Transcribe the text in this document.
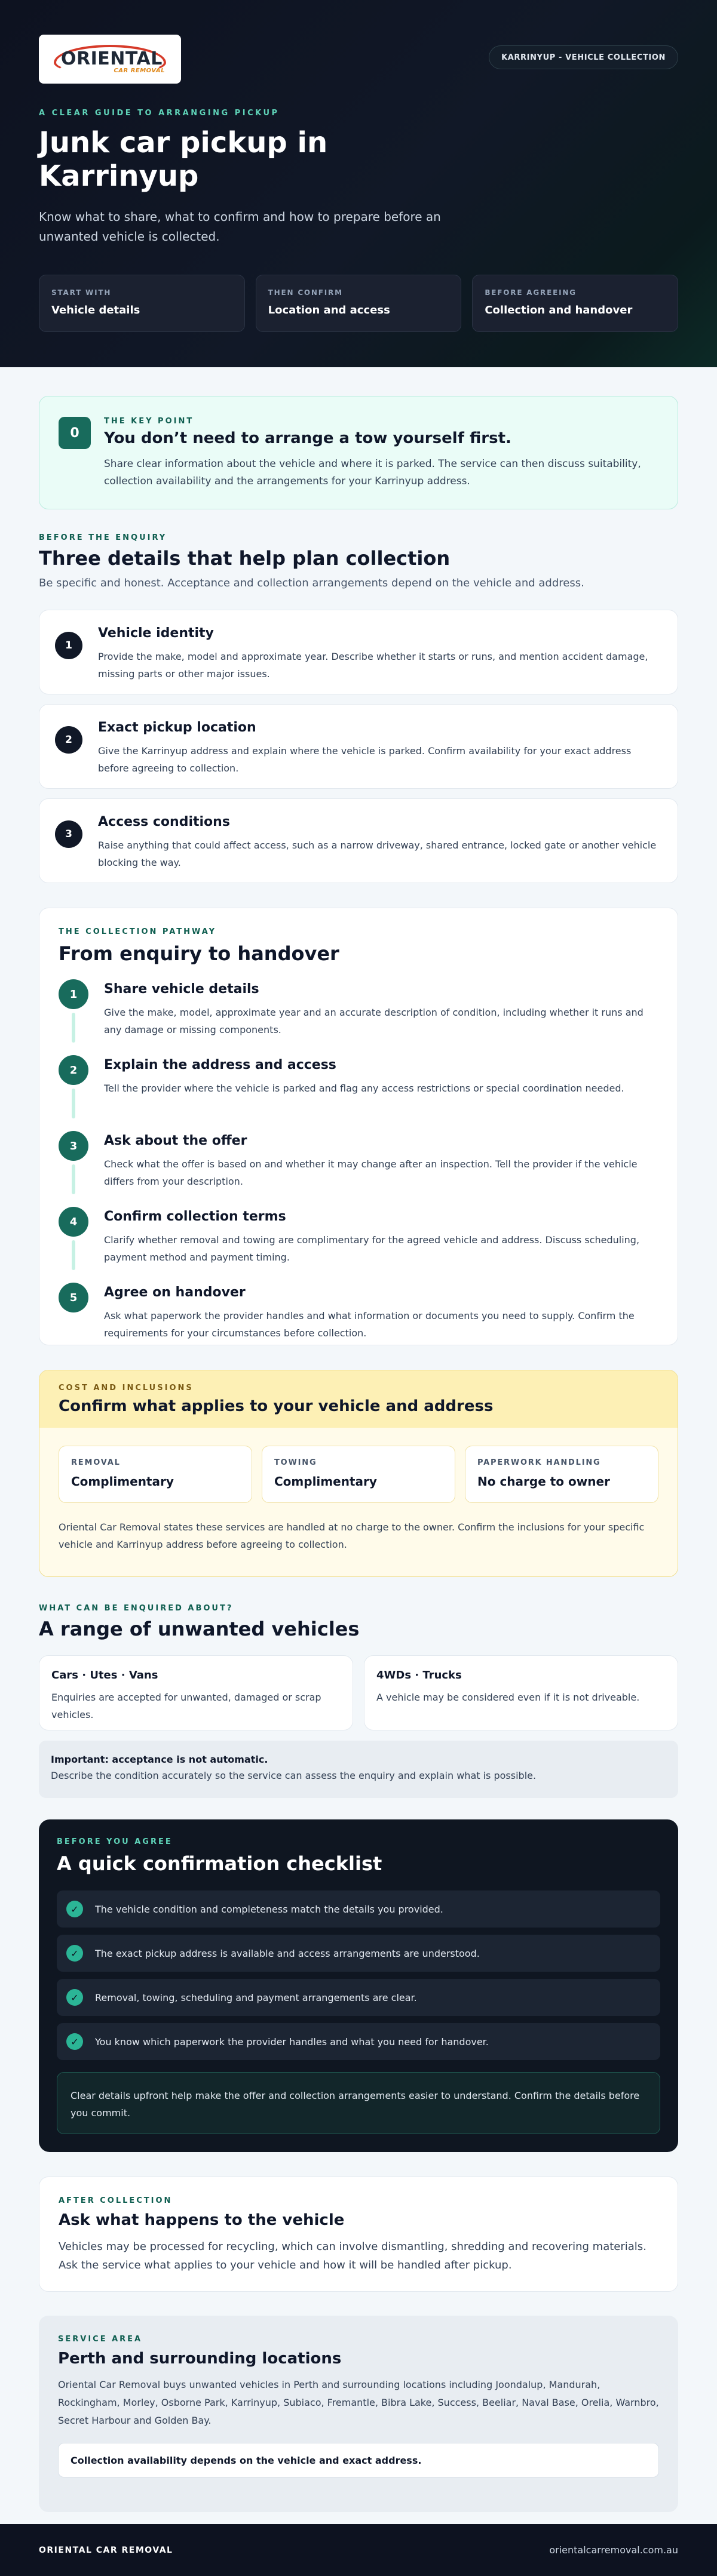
ORIENTAL
CAR REMOVAL
KARRINYUP - VEHICLE COLLECTION
A CLEAR GUIDE TO ARRANGING PICKUP
Junk car pickup in Karrinyup

Know what to share, what to confirm and how to prepare before an unwanted vehicle is collected.

START WITH
Vehicle details
THEN CONFIRM
Location and access
BEFORE AGREEING
Collection and handover
0
THE KEY POINT
You don’t need to arrange a tow yourself first.

Share clear information about the vehicle and where it is parked. The service can then discuss suitability, collection availability and the arrangements for your Karrinyup address.

BEFORE THE ENQUIRY
Three details that help plan collection

Be specific and honest. Acceptance and collection arrangements depend on the vehicle and address.

1
Vehicle identity

Provide the make, model and approximate year. Describe whether it starts or runs, and mention accident damage, missing parts or other major issues.

2
Exact pickup location

Give the Karrinyup address and explain where the vehicle is parked. Confirm availability for your exact address before agreeing to collection.

3
Access conditions

Raise anything that could affect access, such as a narrow driveway, shared entrance, locked gate or another vehicle blocking the way.

THE COLLECTION PATHWAY
From enquiry to handover
1	Share vehicle details

Give the make, model, approximate year and an accurate description of condition, including whether it runs and any damage or missing components.

2	Explain the address and access

Tell the provider where the vehicle is parked and flag any access restrictions or special coordination needed.

3	Ask about the offer

Check what the offer is based on and whether it may change after an inspection. Tell the provider if the vehicle differs from your description.

4	Confirm collection terms

Clarify whether removal and towing are complimentary for the agreed vehicle and address. Discuss scheduling, payment method and payment timing.

5	Agree on handover

Ask what paperwork the provider handles and what information or documents you need to supply. Confirm the requirements for your circumstances before collection.

COST AND INCLUSIONS
Confirm what applies to your vehicle and address
REMOVAL
Complimentary
TOWING
Complimentary
PAPERWORK HANDLING
No charge to owner

Oriental Car Removal states these services are handled at no charge to the owner. Confirm the inclusions for your specific vehicle and Karrinyup address before agreeing to collection.

WHAT CAN BE ENQUIRED ABOUT?
A range of unwanted vehicles
Cars · Utes · Vans

Enquiries are accepted for unwanted, damaged or scrap vehicles.

4WDs · Trucks

A vehicle may be considered even if it is not driveable.

Important: acceptance is not automatic.

Describe the condition accurately so the service can assess the enquiry and explain what is possible.

BEFORE YOU AGREE
A quick confirmation checklist
✓	The vehicle condition and completeness match the details you provided.
✓	The exact pickup address is available and access arrangements are understood.
✓	Removal, towing, scheduling and payment arrangements are clear.
✓	You know which paperwork the provider handles and what you need for handover.
Clear details upfront help make the offer and collection arrangements easier to understand. Confirm the details before you commit.
AFTER COLLECTION
Ask what happens to the vehicle

Vehicles may be processed for recycling, which can involve dismantling, shredding and recovering materials. Ask the service what applies to your vehicle and how it will be handled after pickup.

SERVICE AREA
Perth and surrounding locations

Oriental Car Removal buys unwanted vehicles in Perth and surrounding locations including Joondalup, Mandurah, Rockingham, Morley, Osborne Park, Karrinyup, Subiaco, Fremantle, Bibra Lake, Success, Beeliar, Naval Base, Orelia, Warnbro, Secret Harbour and Golden Bay.

Collection availability depends on the vehicle and exact address.
ORIENTAL CAR REMOVAL	orientalcarremoval.com.au
